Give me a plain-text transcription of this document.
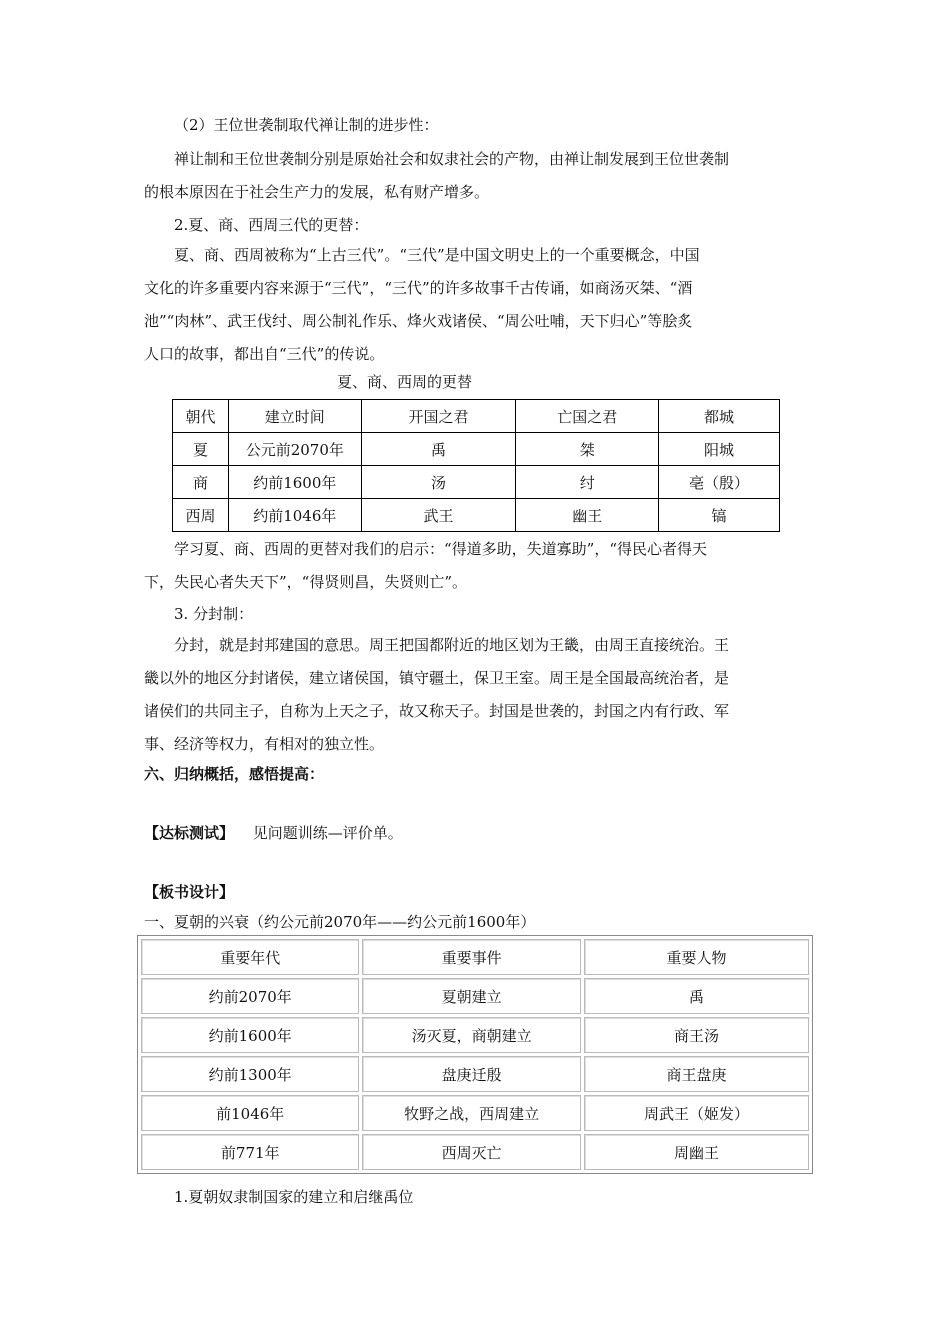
（2）王位世袭制取代禅让制的进步性：
禅让制和王位世袭制分别是原始社会和奴隶社会的产物，由禅让制发展到王位世袭制
的根本原因在于社会生产力的发展，私有财产增多。
2.夏、商、西周三代的更替：
夏、商、西周被称为“上古三代”。“三代”是中国文明史上的一个重要概念，中国
文化的许多重要内容来源于“三代”，“三代”的许多故事千古传诵，如商汤灭桀、“酒
池”“肉林”、武王伐纣、周公制礼作乐、烽火戏诸侯、“周公吐哺，天下归心”等脍炙
人口的故事，都出自“三代”的传说。
夏、商、西周的更替
朝代	建立时间	开国之君	亡国之君	都城
夏	公元前2070年	禹	桀	阳城
商	约前1600年	汤	纣	亳（殷）
西周	约前1046年	武王	幽王	镐
学习夏、商、西周的更替对我们的启示：“得道多助，失道寡助”，“得民心者得天
下，失民心者失天下”，“得贤则昌，失贤则亡”。
3. 分封制：
分封，就是封邦建国的意思。周王把国都附近的地区划为王畿，由周王直接统治。王
畿以外的地区分封诸侯，建立诸侯国，镇守疆土，保卫王室。周王是全国最高统治者，是
诸侯们的共同主子，自称为上天之子，故又称天子。封国是世袭的，封国之内有行政、军
事、经济等权力，有相对的独立性。
六、归纳概括，感悟提高：
【达标测试】 见问题训练—评价单。
【板书设计】
一、夏朝的兴衰（约公元前2070年——约公元前1600年）
重要年代	重要事件	重要人物
约前2070年	夏朝建立	禹
约前1600年	汤灭夏，商朝建立	商王汤
约前1300年	盘庚迁殷	商王盘庚
前1046年	牧野之战，西周建立	周武王（姬发）
前771年	西周灭亡	周幽王
1.夏朝奴隶制国家的建立和启继禹位
